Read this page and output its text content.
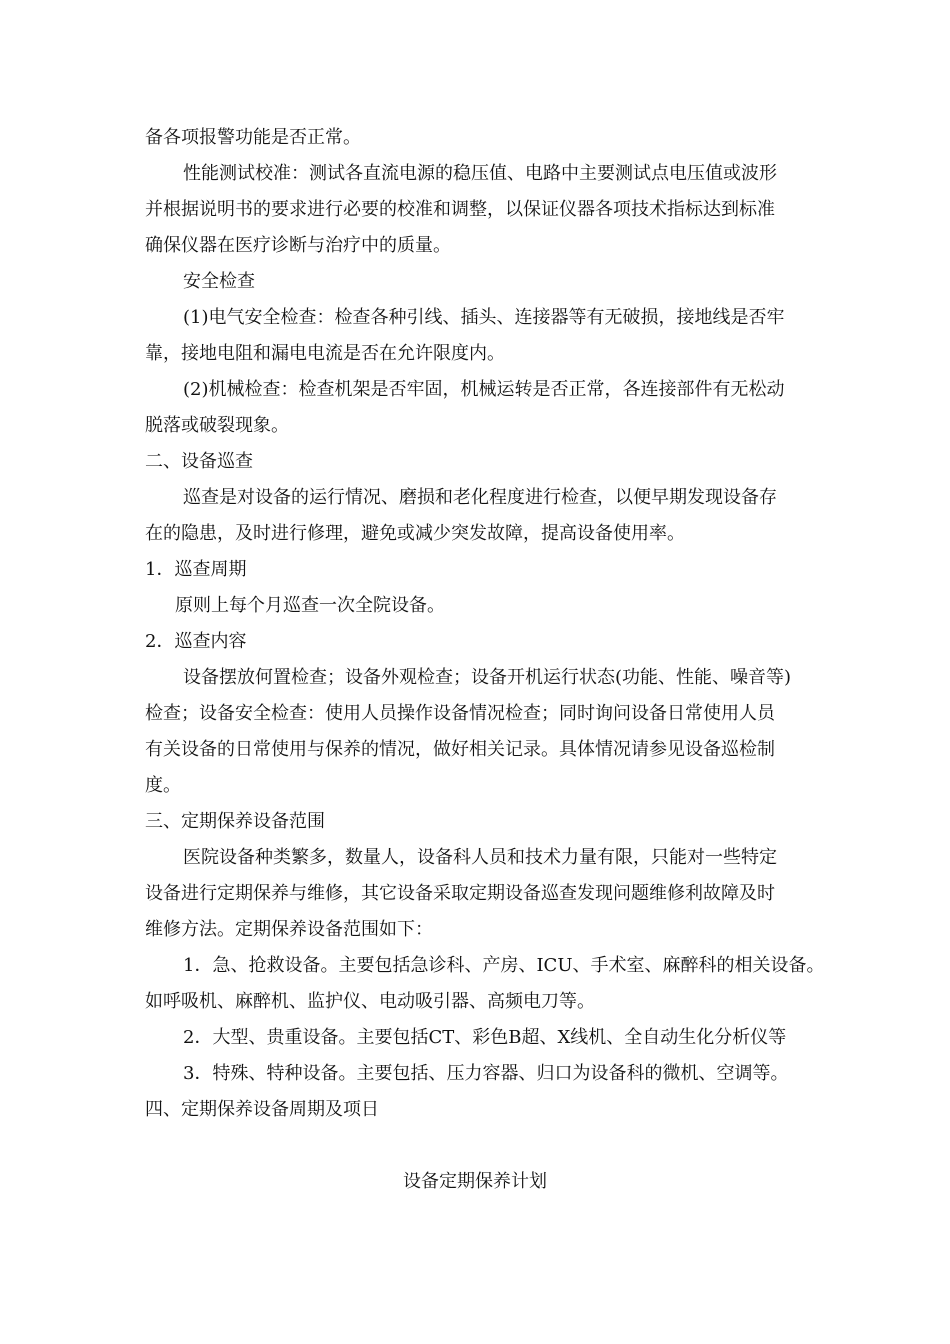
备各项报警功能是否正常。
性能测试校准：测试各直流电源的稳压值、电路中主要测试点电压值或波形
并根据说明书的要求进行必要的校准和调整，以保证仪器各项技术指标达到标准
确保仪器在医疗诊断与治疗中的质量。
安全检查
(1)电气安全检查：检查各种引线、插头、连接器等有无破损，接地线是否牢
靠，接地电阻和漏电电流是否在允许限度内。
(2)机械检查：检查机架是否牢固，机械运转是否正常，各连接部件有无松动
脱落或破裂现象。
二、设备巡查
巡查是对设备的运行情况、磨损和老化程度进行检查，以便早期发现设备存
在的隐患，及时进行修理，避免或减少突发故障，提高设备使用率。
1．巡查周期
原则上每个月巡查一次全院设备。
2．巡查内容
设备摆放何置检查；设备外观检查；设备开机运行状态(功能、性能、噪音等)
检查；设备安全检查：使用人员操作设备情况检查；同时询问设备日常使用人员
有关设备的日常使用与保养的情况，做好相关记录。具体情况请参见设备巡检制
度。
三、定期保养设备范围
医院设备种类繁多，数量人，设备科人员和技术力量有限，只能对一些特定
设备进行定期保养与维修，其它设备采取定期设备巡查发现问题维修利故障及时
维修方法。定期保养设备范围如下：
1．急、抢救设备。主要包括急诊科、产房、ICU、手术室、麻醉科的相关设备。
如呼吸机、麻醉机、监护仪、电动吸引器、高频电刀等。
2．大型、贵重设备。主要包括CT、彩色B超、X线机、全自动生化分析仪等
3．特殊、特种设备。主要包括、压力容器、归口为设备科的微机、空调等。
四、定期保养设备周期及项日
设备定期保养计划
